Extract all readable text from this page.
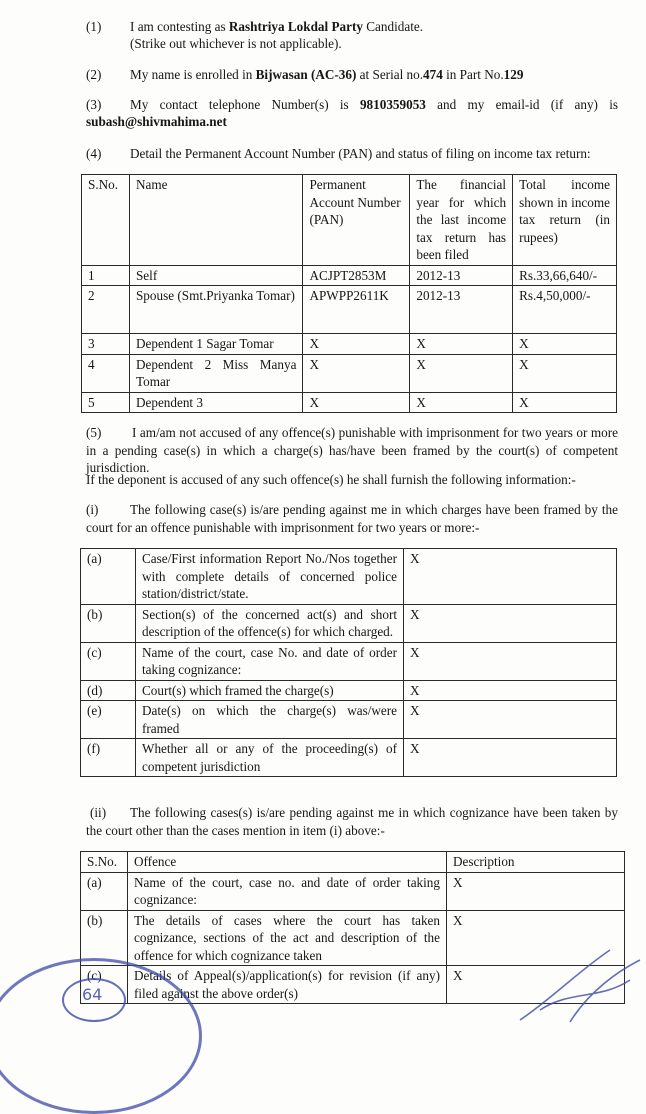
(1) I am contesting as Rashtriya Lokdal Party Candidate.
(Strike out whichever is not applicable).
(2) My name is enrolled in Bijwasan (AC-36) at Serial no.474 in Part No.129
(3) My contact telephone Number(s) is 9810359053 and my email-id (if any) is
subash@shivmahima.net
(4) Detail the Permanent Account Number (PAN) and status of filing on income tax return:
S.No.	Name	Permanent Account Number (PAN)	The financial year for which the last income tax return has been filed	Total income shown in income tax return (in rupees)
1	Self	ACJPT2853M	2012-13	Rs.33,66,640/-
2	Spouse (Smt.Priyanka Tomar)	APWPP2611K	2012-13	Rs.4,50,000/-
3	Dependent 1 Sagar Tomar	X	X	X
4	Dependent 2 Miss Manya Tomar	X	X	X
5	Dependent 3	X	X	X
(5) I am/am not accused of any offence(s) punishable with imprisonment for two years or more in a pending case(s) in which a charge(s) has/have been framed by the court(s) of competent jurisdiction.
If the deponent is accused of any such offence(s) he shall furnish the following information:-
(i) The following case(s) is/are pending against me in which charges have been framed by the court for an offence punishable with imprisonment for two years or more:-
(a)	Case/First information Report No./Nos together with complete details of concerned police station/district/state.	X
(b)	Section(s) of the concerned act(s) and short description of the offence(s) for which charged.	X
(c)	Name of the court, case No. and date of order taking cognizance:	X
(d)	Court(s) which framed the charge(s)	X
(e)	Date(s) on which the charge(s) was/were framed	X
(f)	Whether all or any of the proceeding(s) of competent jurisdiction	X
(ii) The following cases(s) is/are pending against me in which cognizance have been taken by the court other than the cases mention in item (i) above:-
S.No.	Offence	Description
(a)	Name of the court, case no. and date of order taking cognizance:	X
(b)	The details of cases where the court has taken cognizance, sections of the act and description of the offence for which cognizance taken	X
(c)	Details of Appeal(s)/application(s) for revision (if any) filed against the above order(s)	X
64
